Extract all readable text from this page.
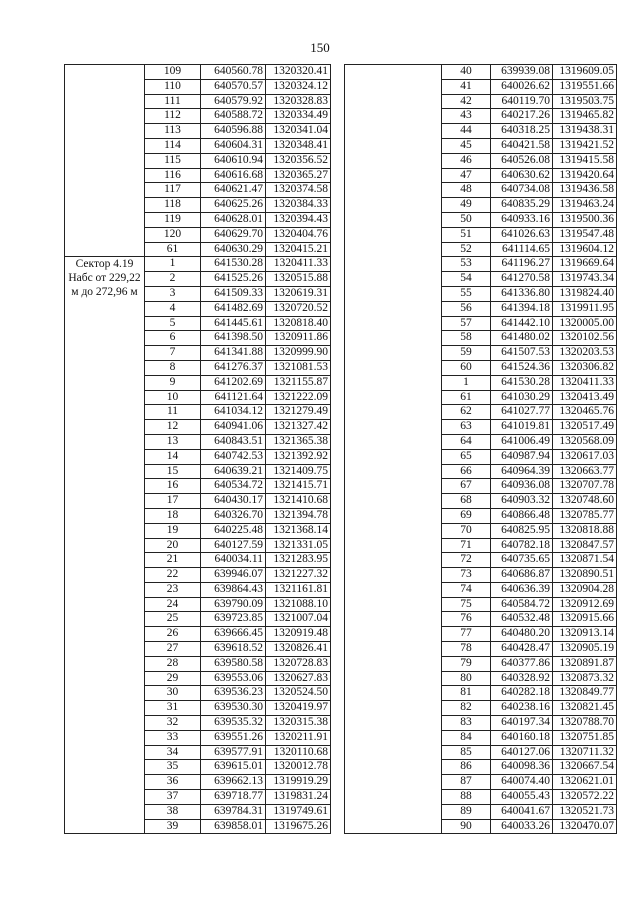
150
	109	640560.78	1320320.41
	110	640570.57	1320324.12
	111	640579.92	1320328.83
	112	640588.72	1320334.49
	113	640596.88	1320341.04
	114	640604.31	1320348.41
	115	640610.94	1320356.52
	116	640616.68	1320365.27
	117	640621.47	1320374.58
	118	640625.26	1320384.33
	119	640628.01	1320394.43
	120	640629.70	1320404.76
	61	640630.29	1320415.21
Сектор 4.19 Набс от 229,22 м до 272,96 м	1	641530.28	1320411.33
	2	641525.26	1320515.88
	3	641509.33	1320619.31
	4	641482.69	1320720.52
	5	641445.61	1320818.40
	6	641398.50	1320911.86
	7	641341.88	1320999.90
	8	641276.37	1321081.53
	9	641202.69	1321155.87
	10	641121.64	1321222.09
	11	641034.12	1321279.49
	12	640941.06	1321327.42
	13	640843.51	1321365.38
	14	640742.53	1321392.92
	15	640639.21	1321409.75
	16	640534.72	1321415.71
	17	640430.17	1321410.68
	18	640326.70	1321394.78
	19	640225.48	1321368.14
	20	640127.59	1321331.05
	21	640034.11	1321283.95
	22	639946.07	1321227.32
	23	639864.43	1321161.81
	24	639790.09	1321088.10
	25	639723.85	1321007.04
	26	639666.45	1320919.48
	27	639618.52	1320826.41
	28	639580.58	1320728.83
	29	639553.06	1320627.83
	30	639536.23	1320524.50
	31	639530.30	1320419.97
	32	639535.32	1320315.38
	33	639551.26	1320211.91
	34	639577.91	1320110.68
	35	639615.01	1320012.78
	36	639662.13	1319919.29
	37	639718.77	1319831.24
	38	639784.31	1319749.61
	39	639858.01	1319675.26
	40	639939.08	1319609.05
	41	640026.62	1319551.66
	42	640119.70	1319503.75
	43	640217.26	1319465.82
	44	640318.25	1319438.31
	45	640421.58	1319421.52
	46	640526.08	1319415.58
	47	640630.62	1319420.64
	48	640734.08	1319436.58
	49	640835.29	1319463.24
	50	640933.16	1319500.36
	51	641026.63	1319547.48
	52	641114.65	1319604.12
	53	641196.27	1319669.64
	54	641270.58	1319743.34
	55	641336.80	1319824.40
	56	641394.18	1319911.95
	57	641442.10	1320005.00
	58	641480.02	1320102.56
	59	641507.53	1320203.53
	60	641524.36	1320306.82
	1	641530.28	1320411.33
	61	641030.29	1320413.49
	62	641027.77	1320465.76
	63	641019.81	1320517.49
	64	641006.49	1320568.09
	65	640987.94	1320617.03
	66	640964.39	1320663.77
	67	640936.08	1320707.78
	68	640903.32	1320748.60
	69	640866.48	1320785.77
	70	640825.95	1320818.88
	71	640782.18	1320847.57
	72	640735.65	1320871.54
	73	640686.87	1320890.51
	74	640636.39	1320904.28
	75	640584.72	1320912.69
	76	640532.48	1320915.66
	77	640480.20	1320913.14
	78	640428.47	1320905.19
	79	640377.86	1320891.87
	80	640328.92	1320873.32
	81	640282.18	1320849.77
	82	640238.16	1320821.45
	83	640197.34	1320788.70
	84	640160.18	1320751.85
	85	640127.06	1320711.32
	86	640098.36	1320667.54
	87	640074.40	1320621.01
	88	640055.43	1320572.22
	89	640041.67	1320521.73
	90	640033.26	1320470.07
